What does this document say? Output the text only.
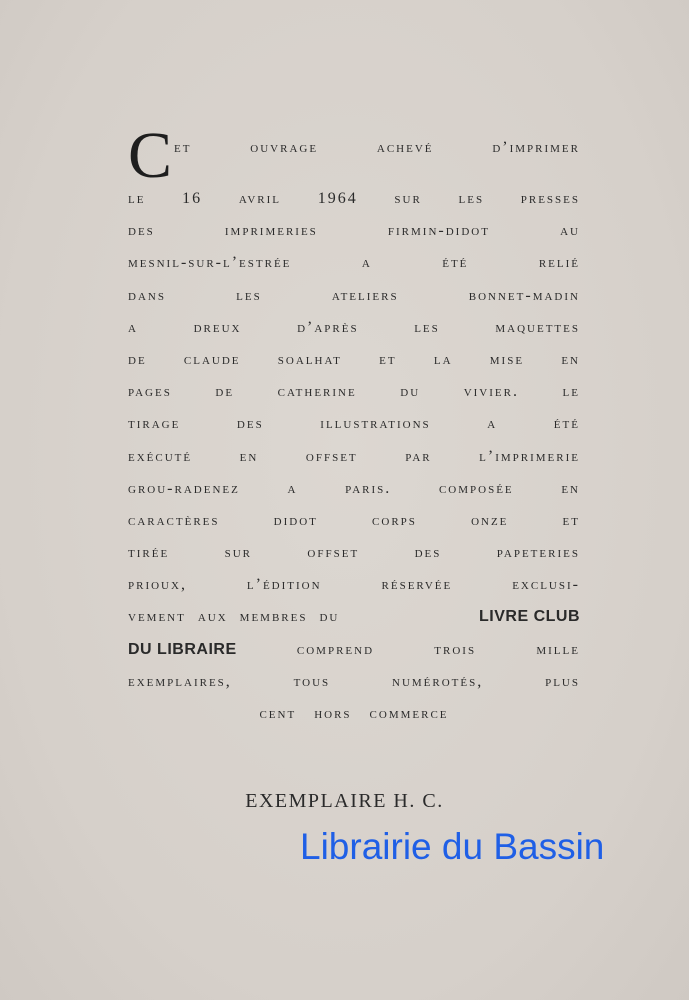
C et	ouvrage	achevé	d’imprimer
le 16 avril 1964 sur les presses
des	imprimeries	firmin-didot	au
mesnil-sur-l’estrée	a	été	relié
dans	les	ateliers	bonnet-madin
a	dreux	d’après	les	maquettes
de claude soalhat et la mise en
pages	de	catherine	du	vivier.	le
tirage	des	illustrations	a	été
exécuté	en	offset	par	l’imprimerie
grou-radenez	a	paris.	composée	en
caractères	didot	corps	onze	et
tirée	sur	offset	des	papeteries
prioux,	l’édition	réservée	exclusi-
vement aux membres du	LIVRE CLUB
DU LIBRAIRE	comprend	trois	mille
exemplaires,	tous	numérotés,	plus
cent hors commerce
EXEMPLAIRE H. C.
Librairie du Bassin
